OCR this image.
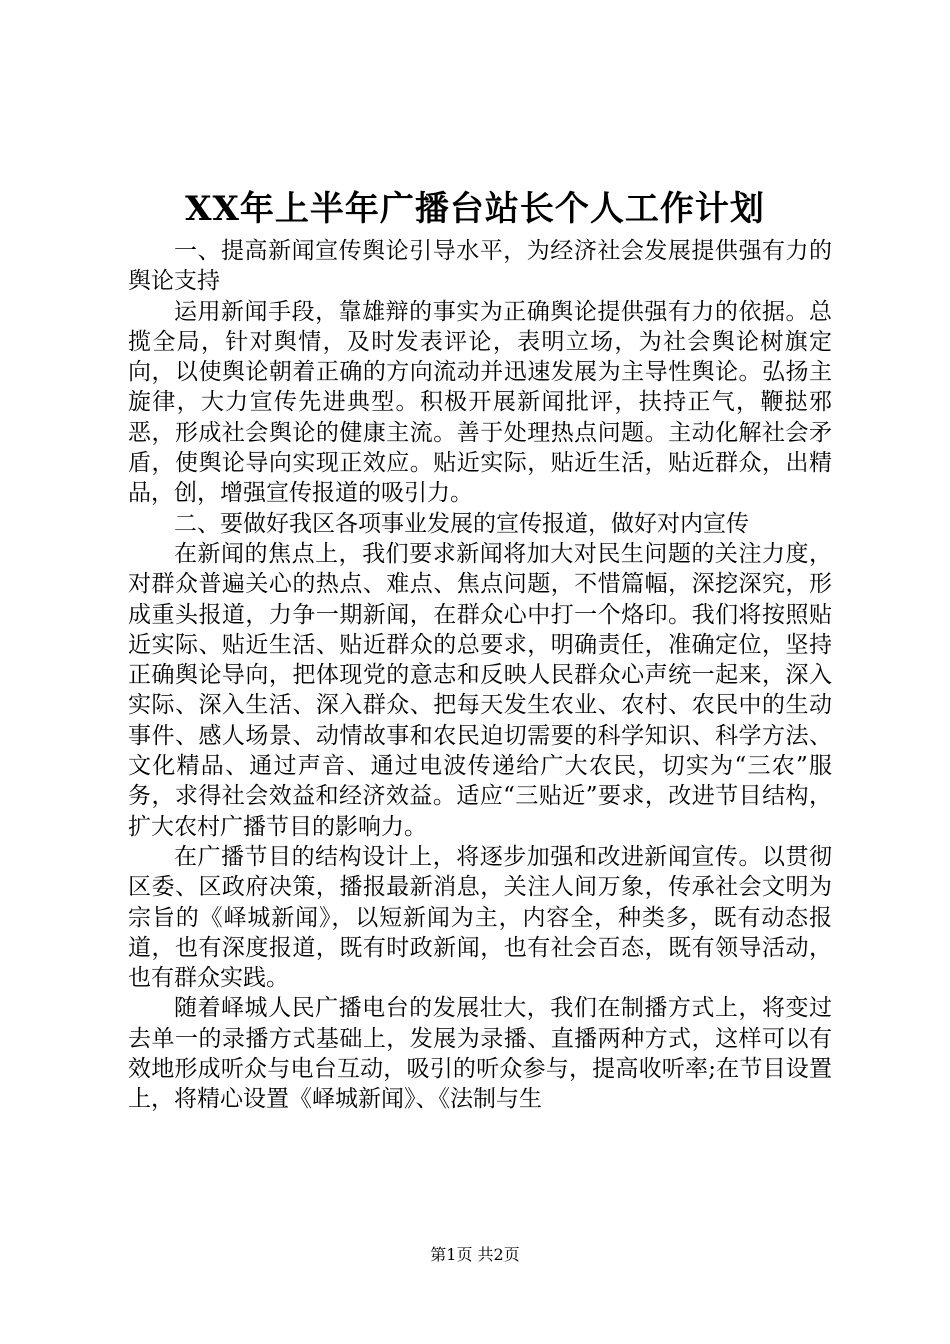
XX年上半年广播台站长个人工作计划

一、提高新闻宣传舆论引导水平，为经济社会发展提供强有力的舆论支持

运用新闻手段，靠雄辩的事实为正确舆论提供强有力的依据。总揽全局，针对舆情，及时发表评论，表明立场，为社会舆论树旗定向，以使舆论朝着正确的方向流动并迅速发展为主导性舆论。弘扬主旋律，大力宣传先进典型。积极开展新闻批评，扶持正气，鞭挞邪恶，形成社会舆论的健康主流。善于处理热点问题。主动化解社会矛盾，使舆论导向实现正效应。贴近实际，贴近生活，贴近群众，出精品，创，增强宣传报道的吸引力。

二、要做好我区各项事业发展的宣传报道，做好对内宣传

在新闻的焦点上，我们要求新闻将加大对民生问题的关注力度，对群众普遍关心的热点、难点、焦点问题，不惜篇幅，深挖深究，形成重头报道，力争一期新闻，在群众心中打一个烙印。我们将按照贴近实际、贴近生活、贴近群众的总要求，明确责任，准确定位，坚持正确舆论导向，把体现党的意志和反映人民群众心声统一起来，深入实际、深入生活、深入群众、把每天发生农业、农村、农民中的生动事件、感人场景、动情故事和农民迫切需要的科学知识、科学方法、文化精品、通过声音、通过电波传递给广大农民，切实为“三农”服务，求得社会效益和经济效益。适应“三贴近”要求，改进节目结构，扩大农村广播节目的影响力。

在广播节目的结构设计上，将逐步加强和改进新闻宣传。以贯彻区委、区政府决策，播报最新消息，关注人间万象，传承社会文明为宗旨的《峄城新闻》，以短新闻为主，内容全，种类多，既有动态报道，也有深度报道，既有时政新闻，也有社会百态，既有领导活动，也有群众实践。

随着峄城人民广播电台的发展壮大，我们在制播方式上，将变过去单一的录播方式基础上，发展为录播、直播两种方式，这样可以有效地形成听众与电台互动，吸引的听众参与，提高收听率;在节目设置上，将精心设置《峄城新闻》、《法制与生

第1页 共2页
